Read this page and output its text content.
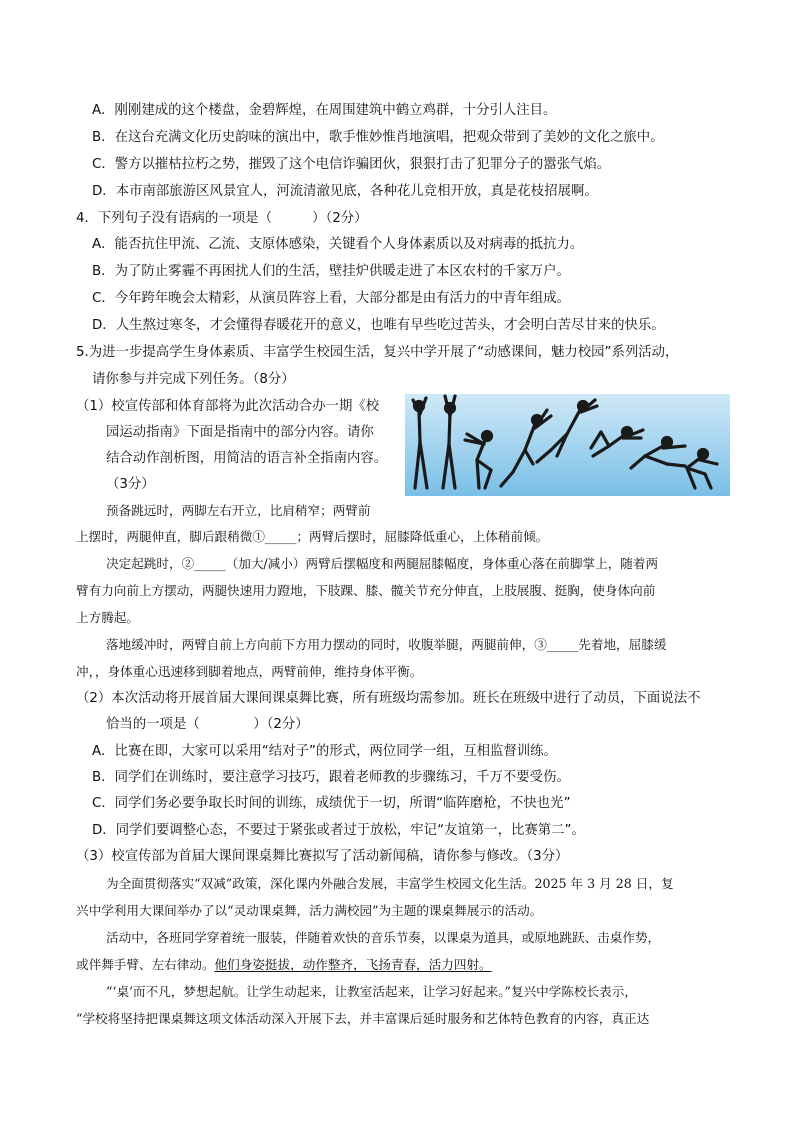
A．刚刚建成的这个楼盘，金碧辉煌，在周围建筑中鹤立鸡群，十分引人注目。
B．在这台充满文化历史韵味的演出中，歌手惟妙惟肖地演唱，把观众带到了美妙的文化之旅中。
C．警方以摧枯拉朽之势，摧毁了这个电信诈骗团伙，狠狠打击了犯罪分子的嚣张气焰。
D．本市南部旅游区风景宜人，河流清澈见底，各种花儿竞相开放，真是花枝招展啊。
4．下列句子没有语病的一项是（　　　）（2分）
A．能否抗住甲流、乙流、支原体感染，关键看个人身体素质以及对病毒的抵抗力。
B．为了防止雾霾不再困扰人们的生活，壁挂炉供暖走进了本区农村的千家万户。
C．今年跨年晚会太精彩，从演员阵容上看，大部分都是由有活力的中青年组成。
D．人生熬过寒冬，才会懂得春暖花开的意义，也唯有早些吃过苦头，才会明白苦尽甘来的快乐。
5.为进一步提高学生身体素质、丰富学生校园生活，复兴中学开展了“动感课间，魅力校园”系列活动，
请你参与并完成下列任务。（8分）
（1）校宣传部和体育部将为此次活动合办一期《校
园运动指南》下面是指南中的部分内容。请你
结合动作剖析图，用简洁的语言补全指南内容。
（3分）
预备跳远时，两脚左右开立，比肩稍窄；两臂前
上摆时，两腿伸直，脚后跟稍微①_____；两臂后摆时，屈膝降低重心，上体稍前倾。
决定起跳时，②_____（加大/减小）两臂后摆幅度和两腿屈膝幅度，身体重心落在前脚掌上，随着两
臂有力向前上方摆动，两腿快速用力蹬地，下肢踝、膝、髋关节充分伸直，上肢展腹、挺胸，使身体向前
上方腾起。
落地缓冲时，两臂自前上方向前下方用力摆动的同时，收腹举腿，两腿前伸，③_____先着地，屈膝缓
冲，，身体重心迅速移到脚着地点，两臂前伸，维持身体平衡。
（2）本次活动将开展首届大课间课桌舞比赛，所有班级均需参加。班长在班级中进行了动员，下面说法不
恰当的一项是（　　　　）（2分）
A．比赛在即，大家可以采用“结对子”的形式，两位同学一组，互相监督训练。
B．同学们在训练时，要注意学习技巧，跟着老师教的步骤练习，千万不要受伤。
C．同学们务必要争取长时间的训练，成绩优于一切，所谓“临阵磨枪，不快也光”
D．同学们要调整心态，不要过于紧张或者过于放松，牢记“友谊第一，比赛第二”。
（3）校宣传部为首届大课间课桌舞比赛拟写了活动新闻稿，请你参与修改。（3分）
为全面贯彻落实“双减”政策，深化课内外融合发展，丰富学生校园文化生活。2025 年 3 月 28 日，复
兴中学利用大课间举办了以“灵动课桌舞，活力满校园”为主题的课桌舞展示的活动。
活动中，各班同学穿着统一服装，伴随着欢快的音乐节奏，以课桌为道具，或原地跳跃、击桌作势，
或伴舞手臂、左右律动。他们身姿挺拔，动作整齐，飞扬青春，活力四射。
“‘桌’而不凡，梦想起航。让学生动起来，让教室活起来，让学习好起来。”复兴中学陈校长表示，
“学校将坚持把课桌舞这项文体活动深入开展下去，并丰富课后延时服务和艺体特色教育的内容，真正达
